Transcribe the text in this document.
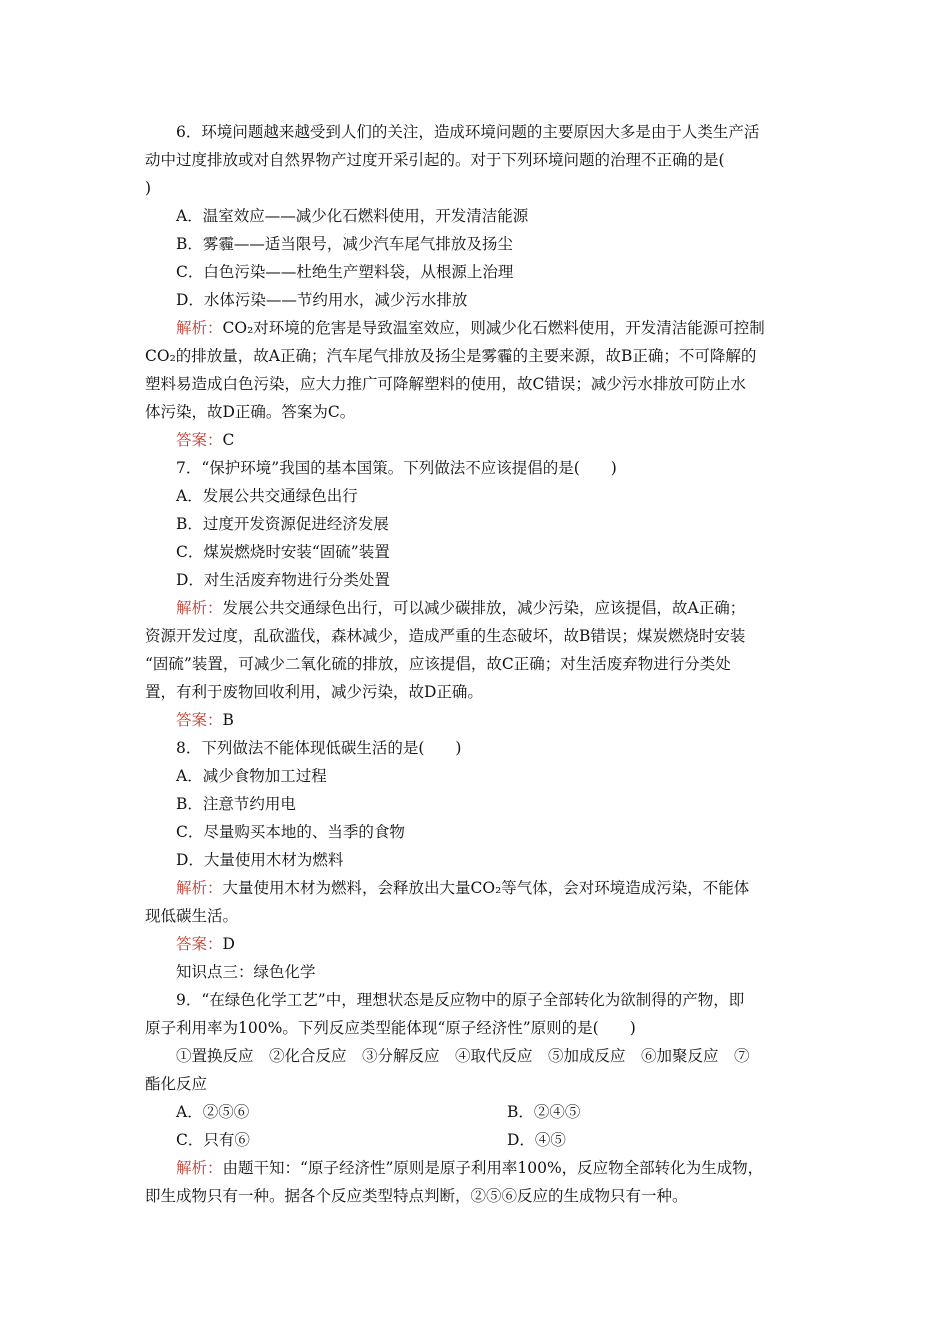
6．环境问题越来越受到人们的关注，造成环境问题的主要原因大多是由于人类生产活
动中过度排放或对自然界物产过度开采引起的。对于下列环境问题的治理不正确的是(
)
A．温室效应——减少化石燃料使用，开发清洁能源
B．雾霾——适当限号，减少汽车尾气排放及扬尘
C．白色污染——杜绝生产塑料袋，从根源上治理
D．水体污染——节约用水，减少污水排放
解析：CO₂对环境的危害是导致温室效应，则减少化石燃料使用，开发清洁能源可控制
CO₂的排放量，故A正确；汽车尾气排放及扬尘是雾霾的主要来源，故B正确；不可降解的
塑料易造成白色污染，应大力推广可降解塑料的使用，故C错误；减少污水排放可防止水
体污染，故D正确。答案为C。
答案：C
7．“保护环境”我国的基本国策。下列做法不应该提倡的是(　　)
A．发展公共交通绿色出行
B．过度开发资源促进经济发展
C．煤炭燃烧时安装“固硫”装置
D．对生活废弃物进行分类处置
解析：发展公共交通绿色出行，可以减少碳排放，减少污染，应该提倡，故A正确；
资源开发过度，乱砍滥伐，森林减少，造成严重的生态破坏，故B错误；煤炭燃烧时安装
“固硫”装置，可减少二氧化硫的排放，应该提倡，故C正确；对生活废弃物进行分类处
置，有利于废物回收利用，减少污染，故D正确。
答案：B
8．下列做法不能体现低碳生活的是(　　)
A．减少食物加工过程
B．注意节约用电
C．尽量购买本地的、当季的食物
D．大量使用木材为燃料
解析：大量使用木材为燃料，会释放出大量CO₂等气体，会对环境造成污染，不能体
现低碳生活。
答案：D
知识点三：绿色化学
9．“在绿色化学工艺”中，理想状态是反应物中的原子全部转化为欲制得的产物，即
原子利用率为100%。下列反应类型能体现“原子经济性”原则的是(　　)
①置换反应　②化合反应　③分解反应　④取代反应　⑤加成反应　⑥加聚反应　⑦
酯化反应
A．②⑤⑥	B．②④⑤
C．只有⑥	D．④⑤
解析：由题干知：“原子经济性”原则是原子利用率100%，反应物全部转化为生成物，
即生成物只有一种。据各个反应类型特点判断，②⑤⑥反应的生成物只有一种。
